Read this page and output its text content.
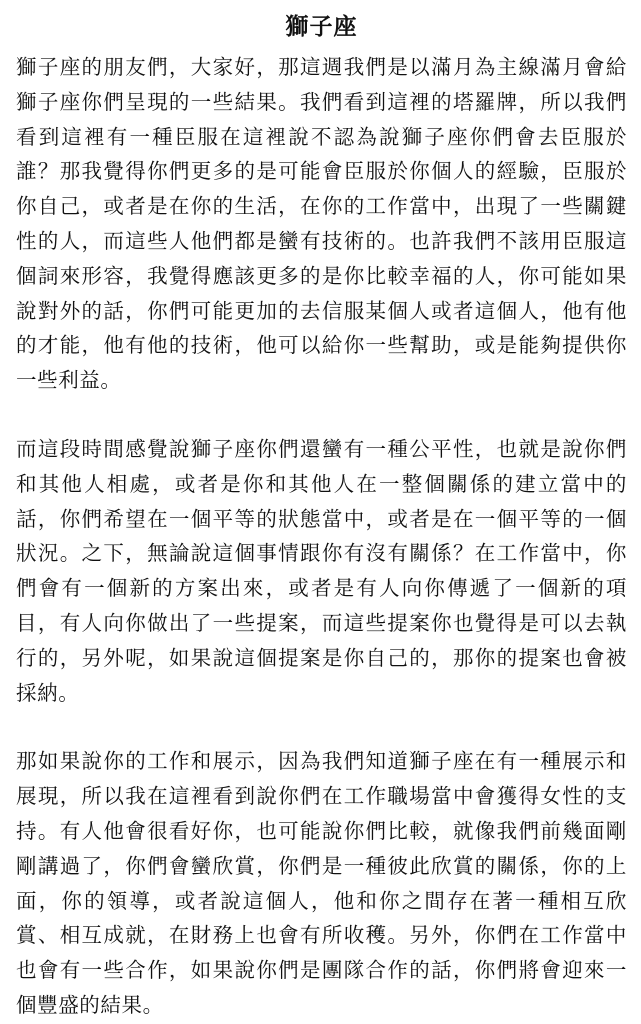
獅子座

獅子座的朋友們，大家好，那這週我們是以滿月為主線滿月會給獅子座你們呈現的一些結果。我們看到這裡的塔羅牌，所以我們看到這裡有一種臣服在這裡說不認為說獅子座你們會去臣服於誰？那我覺得你們更多的是可能會臣服於你個人的經驗，臣服於你自己，或者是在你的生活，在你的工作當中，出現了一些關鍵性的人，而這些人他們都是蠻有技術的。也許我們不該用臣服這個詞來形容，我覺得應該更多的是你比較幸福的人，你可能如果說對外的話，你們可能更加的去信服某個人或者這個人，他有他的才能，他有他的技術，他可以給你一些幫助，或是能夠提供你一些利益。

而這段時間感覺說獅子座你們還蠻有一種公平性，也就是說你們和其他人相處，或者是你和其他人在一整個關係的建立當中的話，你們希望在一個平等的狀態當中，或者是在一個平等的一個狀況。之下，無論說這個事情跟你有沒有關係？在工作當中，你們會有一個新的方案出來，或者是有人向你傳遞了一個新的項目，有人向你做出了一些提案，而這些提案你也覺得是可以去執行的，另外呢，如果說這個提案是你自己的，那你的提案也會被採納。

那如果說你的工作和展示，因為我們知道獅子座在有一種展示和展現，所以我在這裡看到說你們在工作職場當中會獲得女性的支持。有人他會很看好你，也可能說你們比較，就像我們前幾面剛剛講過了，你們會蠻欣賞，你們是一種彼此欣賞的關係，你的上面，你的領導，或者說這個人，他和你之間存在著一種相互欣賞、相互成就，在財務上也會有所收穫。另外，你們在工作當中也會有一些合作，如果說你們是團隊合作的話，你們將會迎來一個豐盛的結果。
